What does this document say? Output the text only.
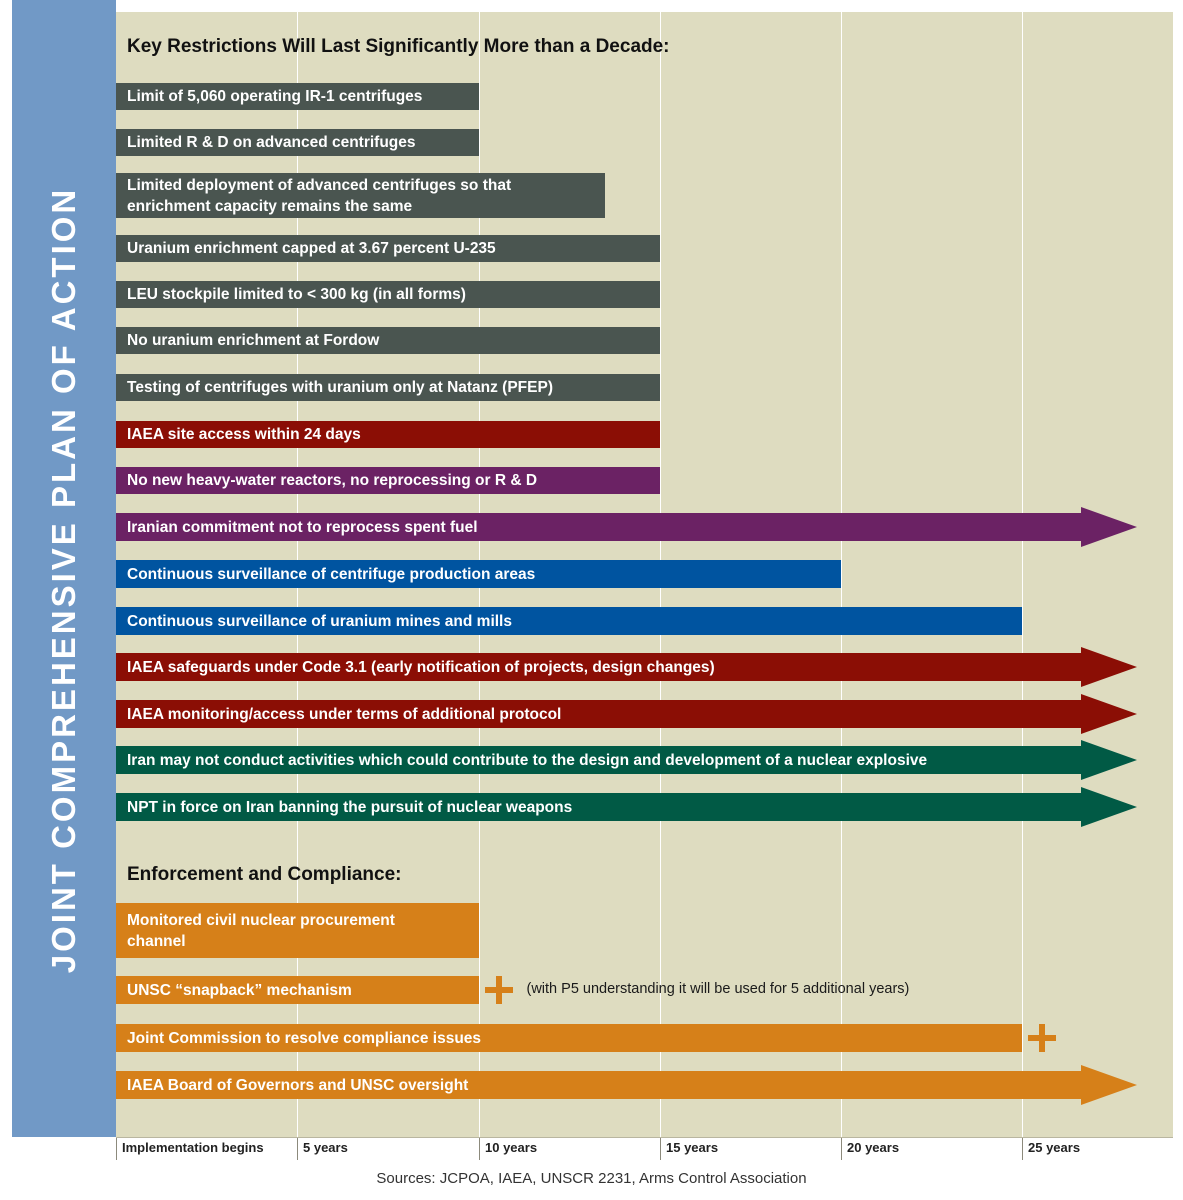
JOINT COMPREHENSIVE PLAN OF ACTION
Implementation begins	5 years	10 years	15 years	20 years	25 years
Key Restrictions Will Last Significantly More than a Decade:
Limit of 5,060 operating IR-1 centrifuges
Limited R & D on advanced centrifuges
Limited deployment of advanced centrifuges so that enrichment capacity remains the same
Uranium enrichment capped at 3.67 percent U-235
LEU stockpile limited to < 300 kg (in all forms)
No uranium enrichment at Fordow
Testing of centrifuges with uranium only at Natanz (PFEP)
IAEA site access within 24 days
No new heavy-water reactors, no reprocessing or R & D
Iranian commitment not to reprocess spent fuel
Continuous surveillance of centrifuge production areas
Continuous surveillance of uranium mines and mills
IAEA safeguards under Code 3.1 (early notification of projects, design changes)
IAEA monitoring/access under terms of additional protocol
Iran may not conduct activities which could contribute to the design and development of a nuclear explosive
NPT in force on Iran banning the pursuit of nuclear weapons
Enforcement and Compliance:
Monitored civil nuclear procurement channel
UNSC “snapback” mechanism	(with P5 understanding it will be used for 5 additional years)
Joint Commission to resolve compliance issues
IAEA Board of Governors and UNSC oversight
Sources: JCPOA, IAEA, UNSCR 2231, Arms Control Association
